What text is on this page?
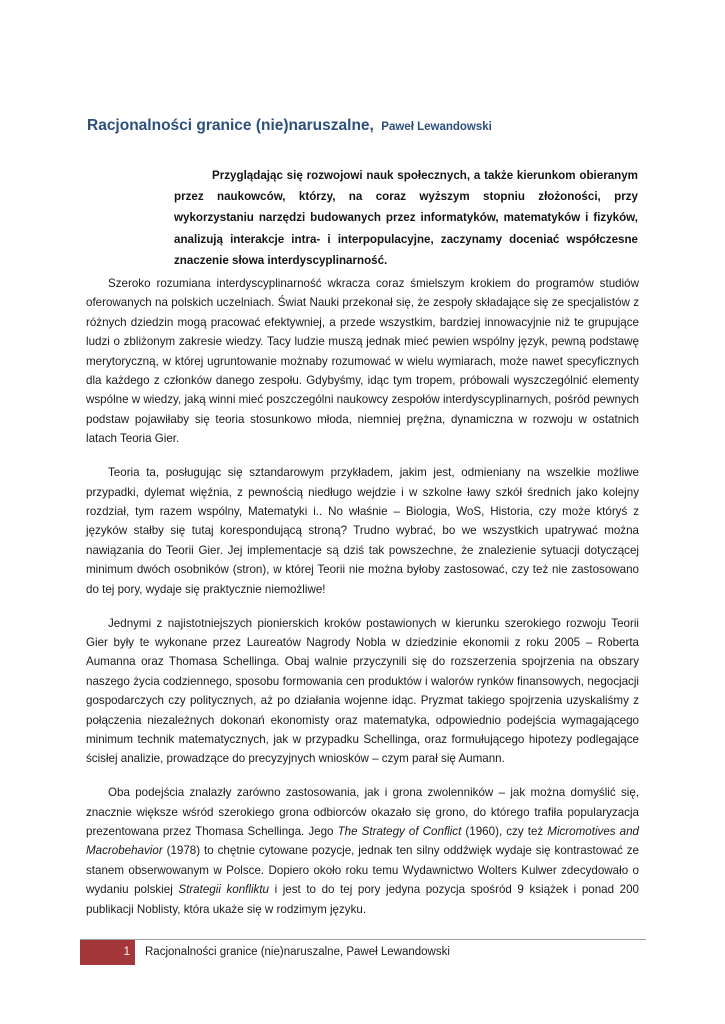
Racjonalności granice (nie)naruszalne, Paweł Lewandowski

Przyglądając się rozwojowi nauk społecznych, a także kierunkom obieranym przez naukowców, którzy, na coraz wyższym stopniu złożoności, przy wykorzystaniu narzędzi budowanych przez informatyków, matematyków i fizyków, analizują interakcje intra- i interpopulacyjne, zaczynamy doceniać współczesne znaczenie słowa interdyscyplinarność.

Szeroko rozumiana interdyscyplinarność wkracza coraz śmielszym krokiem do programów studiów oferowanych na polskich uczelniach. Świat Nauki przekonał się, że zespoły składające się ze specjalistów z różnych dziedzin mogą pracować efektywniej, a przede wszystkim, bardziej innowacyjnie niż te grupujące ludzi o zbliżonym zakresie wiedzy. Tacy ludzie muszą jednak mieć pewien wspólny język, pewną podstawę merytoryczną, w której ugruntowanie możnaby rozumować w wielu wymiarach, może nawet specyficznych dla każdego z członków danego zespołu. Gdybyśmy, idąc tym tropem, próbowali wyszczególnić elementy wspólne w wiedzy, jaką winni mieć poszczególni naukowcy zespołów interdyscyplinarnych, pośród pewnych podstaw pojawiłaby się teoria stosunkowo młoda, niemniej prężna, dynamiczna w rozwoju w ostatnich latach Teoria Gier.

Teoria ta, posługując się sztandarowym przykładem, jakim jest, odmieniany na wszelkie możliwe przypadki, dylemat więźnia, z pewnością niedługo wejdzie i w szkolne ławy szkół średnich jako kolejny rozdział, tym razem wspólny, Matematyki i.. No właśnie – Biologia, WoS, Historia, czy może któryś z języków stałby się tutaj korespondującą stroną? Trudno wybrać, bo we wszystkich upatrywać można nawiązania do Teorii Gier. Jej implementacje są dziś tak powszechne, że znalezienie sytuacji dotyczącej minimum dwóch osobników (stron), w której Teorii nie można byłoby zastosować, czy też nie zastosowano do tej pory, wydaje się praktycznie niemożliwe!

Jednymi z najistotniejszych pionierskich kroków postawionych w kierunku szerokiego rozwoju Teorii Gier były te wykonane przez Laureatów Nagrody Nobla w dziedzinie ekonomii z roku 2005 – Roberta Aumanna oraz Thomasa Schellinga. Obaj walnie przyczynili się do rozszerzenia spojrzenia na obszary naszego życia codziennego, sposobu formowania cen produktów i walorów rynków finansowych, negocjacji gospodarczych czy politycznych, aż po działania wojenne idąc. Pryzmat takiego spojrzenia uzyskaliśmy z połączenia niezależnych dokonań ekonomisty oraz matematyka, odpowiednio podejścia wymagającego minimum technik matematycznych, jak w przypadku Schellinga, oraz formułującego hipotezy podlegające ścisłej analizie, prowadzące do precyzyjnych wniosków – czym parał się Aumann.

Oba podejścia znalazły zarówno zastosowania, jak i grona zwolenników – jak można domyślić się, znacznie większe wśród szerokiego grona odbiorców okazało się grono, do którego trafiła popularyzacja prezentowana przez Thomasa Schellinga. Jego The Strategy of Conflict (1960), czy też Micromotives and Macrobehavior (1978) to chętnie cytowane pozycje, jednak ten silny oddźwięk wydaje się kontrastować ze stanem obserwowanym w Polsce. Dopiero około roku temu Wydawnictwo Wolters Kulwer zdecydowało o wydaniu polskiej Strategii konfliktu i jest to do tej pory jedyna pozycja spośród 9 książek i ponad 200 publikacji Noblisty, która ukaże się w rodzimym języku.

1	Racjonalności granice (nie)naruszalne, Paweł Lewandowski
